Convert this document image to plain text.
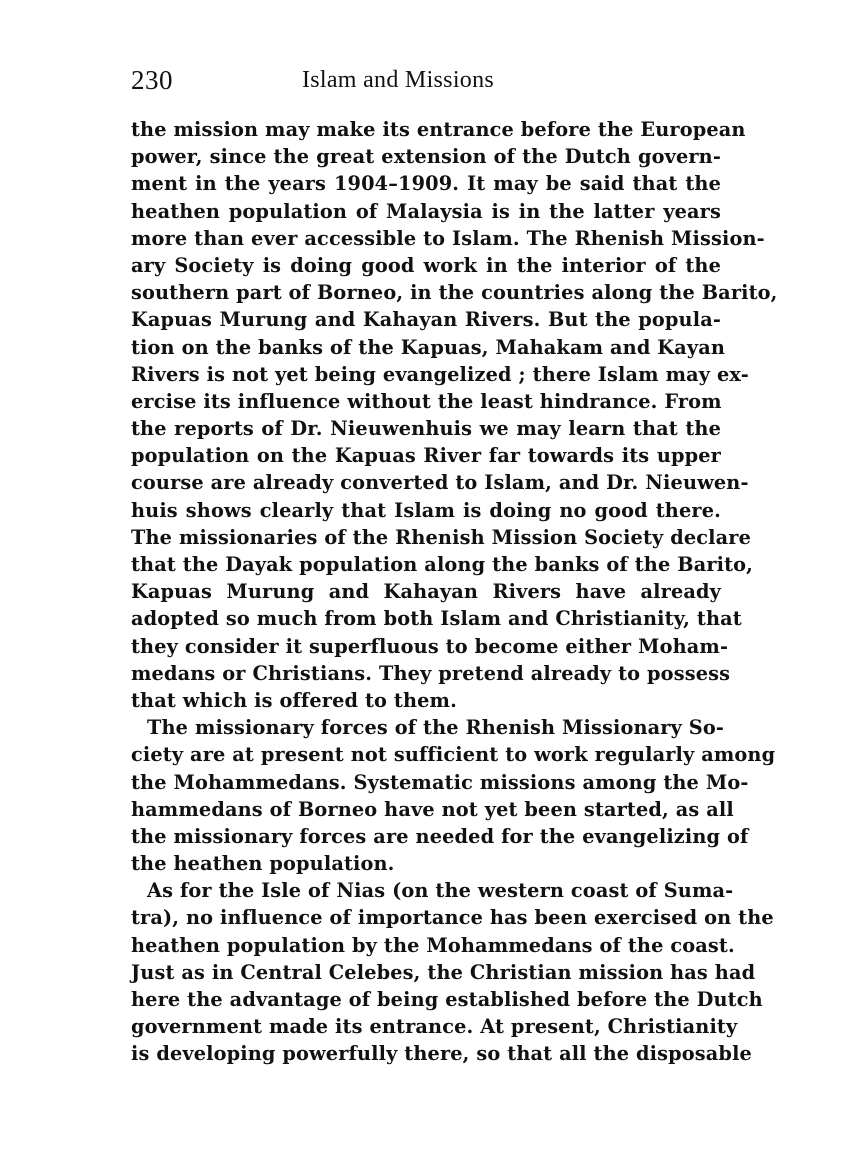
230	Islam and Missions
the mission may make its entrance before the European
power, since the great extension of the Dutch govern-
ment in the years 1904–1909. It may be said that the
heathen population of Malaysia is in the latter years
more than ever accessible to Islam. The Rhenish Mission-
ary Society is doing good work in the interior of the
southern part of Borneo, in the countries along the Barito,
Kapuas Murung and Kahayan Rivers. But the popula-
tion on the banks of the Kapuas, Mahakam and Kayan
Rivers is not yet being evangelized ; there Islam may ex-
ercise its influence without the least hindrance. From
the reports of Dr. Nieuwenhuis we may learn that the
population on the Kapuas River far towards its upper
course are already converted to Islam, and Dr. Nieuwen-
huis shows clearly that Islam is doing no good there.
The missionaries of the Rhenish Mission Society declare
that the Dayak population along the banks of the Barito,
Kapuas Murung and Kahayan Rivers have already
adopted so much from both Islam and Christianity, that
they consider it superfluous to become either Moham-
medans or Christians. They pretend already to possess
that which is offered to them.
The missionary forces of the Rhenish Missionary So-
ciety are at present not sufficient to work regularly among
the Mohammedans. Systematic missions among the Mo-
hammedans of Borneo have not yet been started, as all
the missionary forces are needed for the evangelizing of
the heathen population.
As for the Isle of Nias (on the western coast of Suma-
tra), no influence of importance has been exercised on the
heathen population by the Mohammedans of the coast.
Just as in Central Celebes, the Christian mission has had
here the advantage of being established before the Dutch
government made its entrance. At present, Christianity
is developing powerfully there, so that all the disposable
